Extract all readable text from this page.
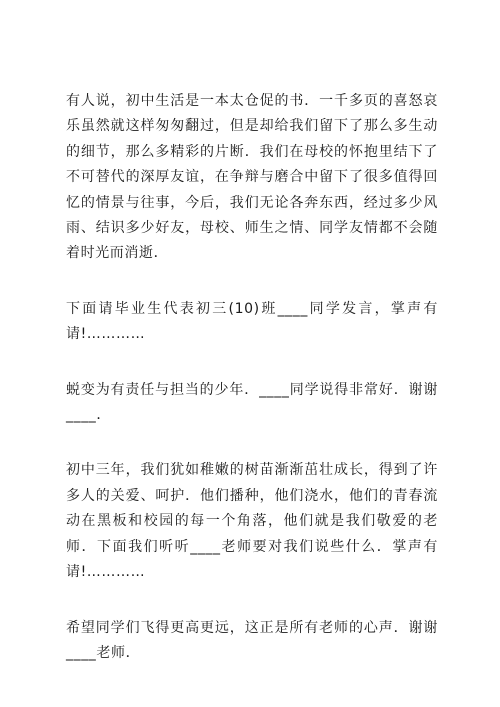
有人说，初中生活是一本太仓促的书．一千多页的喜怒哀乐虽然就这样匆匆翻过，但是却给我们留下了那么多生动的细节，那么多精彩的片断．我们在母校的怀抱里结下了不可替代的深厚友谊，在争辩与磨合中留下了很多值得回忆的情景与往事，今后，我们无论各奔东西，经过多少风雨、结识多少好友，母校、师生之情、同学友情都不会随着时光而消逝．

下面请毕业生代表初三(10)班____同学发言，掌声有请!…………

蜕变为有责任与担当的少年．____同学说得非常好．谢谢____．

初中三年，我们犹如稚嫩的树苗渐渐茁壮成长，得到了许多人的关爱、呵护．他们播种，他们浇水，他们的青春流动在黑板和校园的每一个角落，他们就是我们敬爱的老师．下面我们听听____老师要对我们说些什么．掌声有请!…………

希望同学们飞得更高更远，这正是所有老师的心声．谢谢____老师．
